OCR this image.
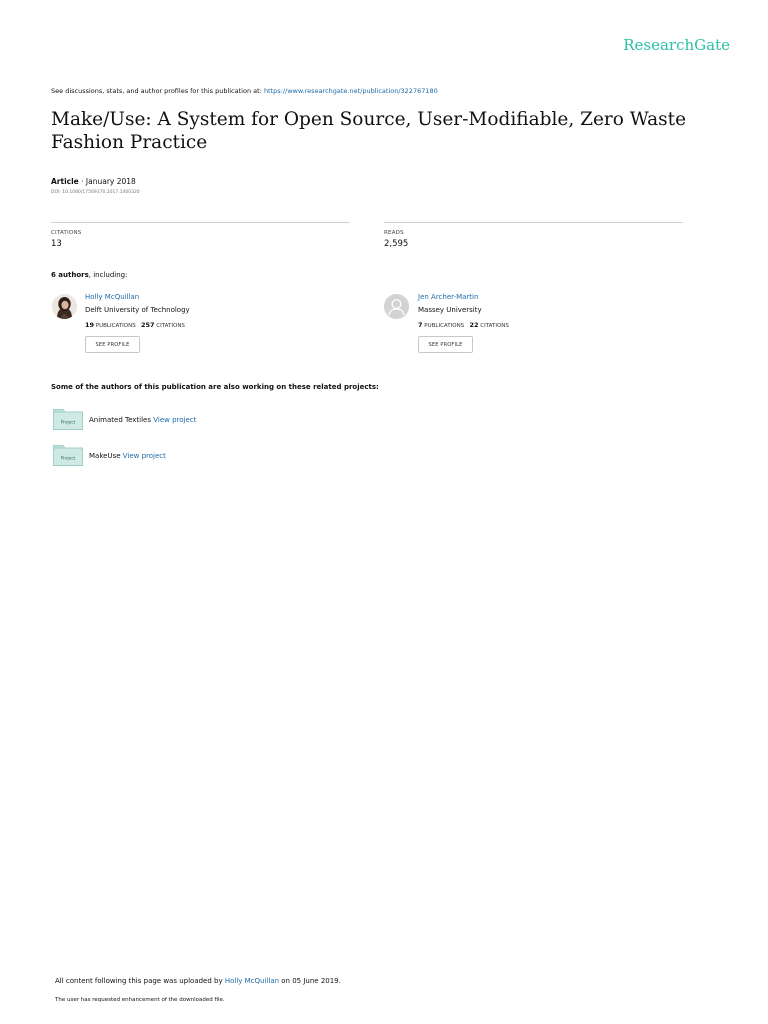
ResearchGate
See discussions, stats, and author profiles for this publication at: https://www.researchgate.net/publication/322767180
Make/Use: A System for Open Source, User-Modifiable, Zero Waste Fashion Practice
Article · January 2018
DOI: 10.1080/17569370.2017.1400320
CITATIONS
13
READS
2,595
6 authors, including:
Holly McQuillan
Delft University of Technology
19 PUBLICATIONS 257 CITATIONS
SEE PROFILE
Jen Archer-Martin
Massey University
7 PUBLICATIONS 22 CITATIONS
SEE PROFILE
Some of the authors of this publication are also working on these related projects:
Project Animated Textiles View project
Project MakeUse View project
All content following this page was uploaded by Holly McQuillan on 05 June 2019.
The user has requested enhancement of the downloaded file.
